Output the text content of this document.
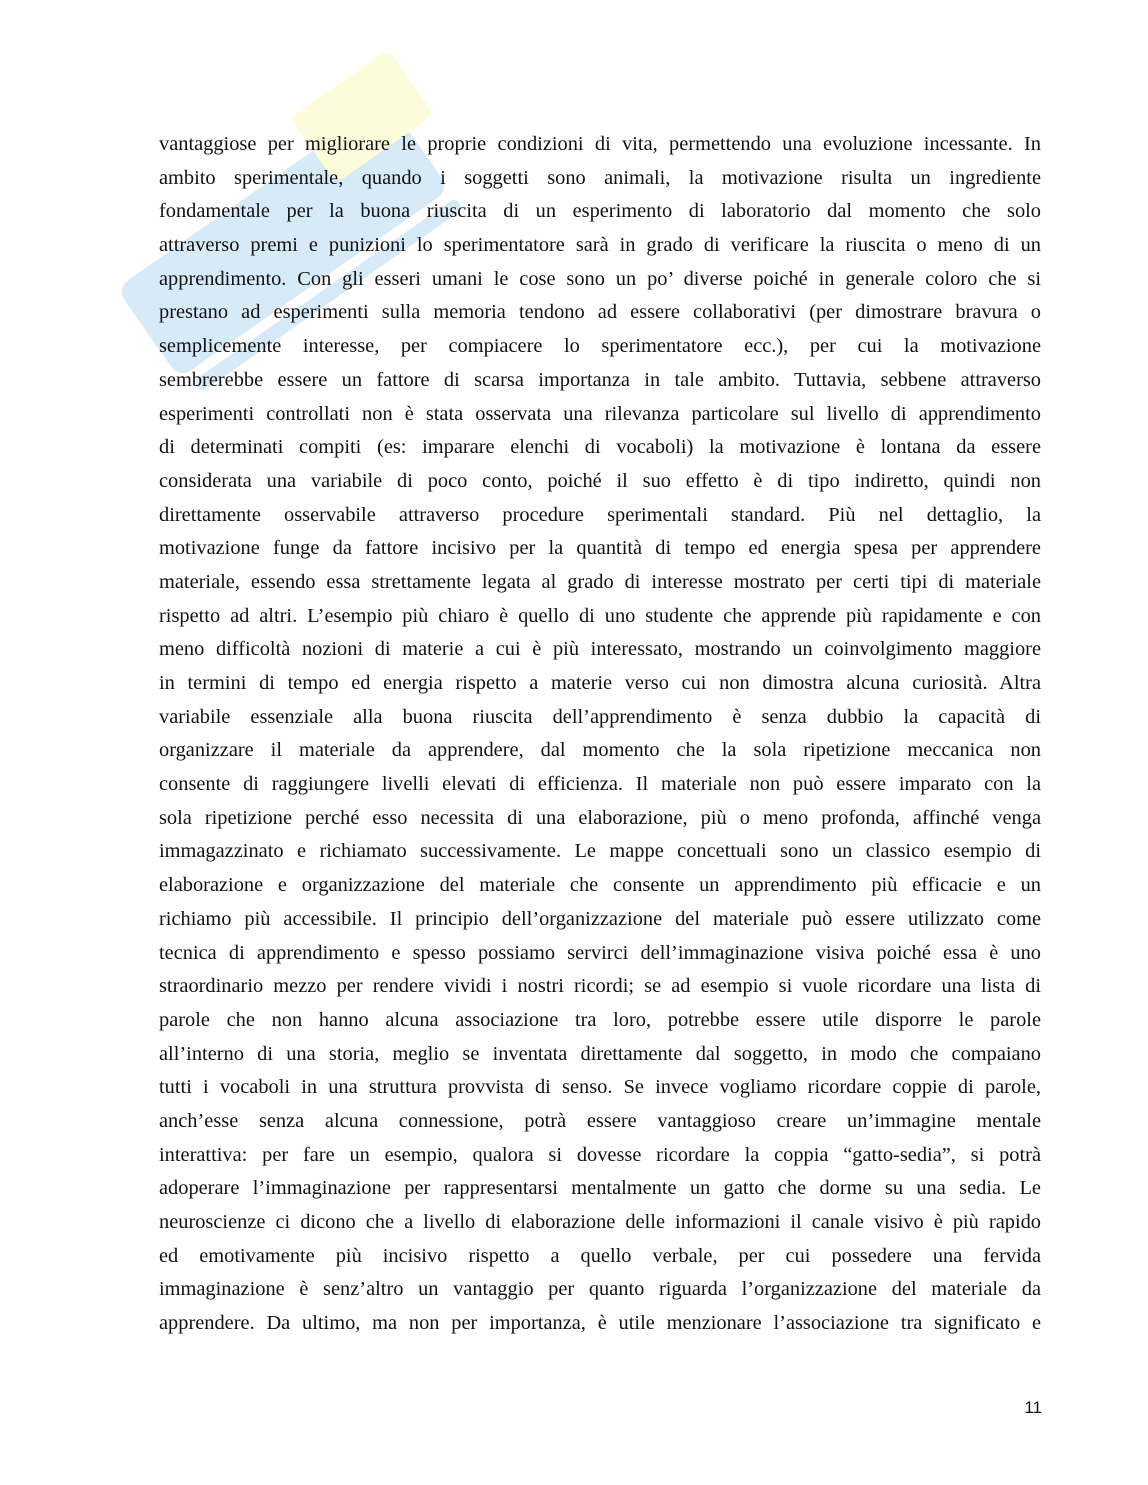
vantaggiose per migliorare le proprie condizioni di vita, permettendo una evoluzione incessante. In
ambito sperimentale, quando i soggetti sono animali, la motivazione risulta un ingrediente
fondamentale per la buona riuscita di un esperimento di laboratorio dal momento che solo
attraverso premi e punizioni lo sperimentatore sarà in grado di verificare la riuscita o meno di un
apprendimento. Con gli esseri umani le cose sono un po’ diverse poiché in generale coloro che si
prestano ad esperimenti sulla memoria tendono ad essere collaborativi (per dimostrare bravura o
semplicemente interesse, per compiacere lo sperimentatore ecc.), per cui la motivazione
sembrerebbe essere un fattore di scarsa importanza in tale ambito. Tuttavia, sebbene attraverso
esperimenti controllati non è stata osservata una rilevanza particolare sul livello di apprendimento
di determinati compiti (es: imparare elenchi di vocaboli) la motivazione è lontana da essere
considerata una variabile di poco conto, poiché il suo effetto è di tipo indiretto, quindi non
direttamente osservabile attraverso procedure sperimentali standard. Più nel dettaglio, la
motivazione funge da fattore incisivo per la quantità di tempo ed energia spesa per apprendere
materiale, essendo essa strettamente legata al grado di interesse mostrato per certi tipi di materiale
rispetto ad altri. L’esempio più chiaro è quello di uno studente che apprende più rapidamente e con
meno difficoltà nozioni di materie a cui è più interessato, mostrando un coinvolgimento maggiore
in termini di tempo ed energia rispetto a materie verso cui non dimostra alcuna curiosità. Altra
variabile essenziale alla buona riuscita dell’apprendimento è senza dubbio la capacità di
organizzare il materiale da apprendere, dal momento che la sola ripetizione meccanica non
consente di raggiungere livelli elevati di efficienza. Il materiale non può essere imparato con la
sola ripetizione perché esso necessita di una elaborazione, più o meno profonda, affinché venga
immagazzinato e richiamato successivamente. Le mappe concettuali sono un classico esempio di
elaborazione e organizzazione del materiale che consente un apprendimento più efficacie e un
richiamo più accessibile. Il principio dell’organizzazione del materiale può essere utilizzato come
tecnica di apprendimento e spesso possiamo servirci dell’immaginazione visiva poiché essa è uno
straordinario mezzo per rendere vividi i nostri ricordi; se ad esempio si vuole ricordare una lista di
parole che non hanno alcuna associazione tra loro, potrebbe essere utile disporre le parole
all’interno di una storia, meglio se inventata direttamente dal soggetto, in modo che compaiano
tutti i vocaboli in una struttura provvista di senso. Se invece vogliamo ricordare coppie di parole,
anch’esse senza alcuna connessione, potrà essere vantaggioso creare un’immagine mentale
interattiva: per fare un esempio, qualora si dovesse ricordare la coppia “gatto-sedia”, si potrà
adoperare l’immaginazione per rappresentarsi mentalmente un gatto che dorme su una sedia. Le
neuroscienze ci dicono che a livello di elaborazione delle informazioni il canale visivo è più rapido
ed emotivamente più incisivo rispetto a quello verbale, per cui possedere una fervida
immaginazione è senz’altro un vantaggio per quanto riguarda l’organizzazione del materiale da
apprendere. Da ultimo, ma non per importanza, è utile menzionare l’associazione tra significato e
11
